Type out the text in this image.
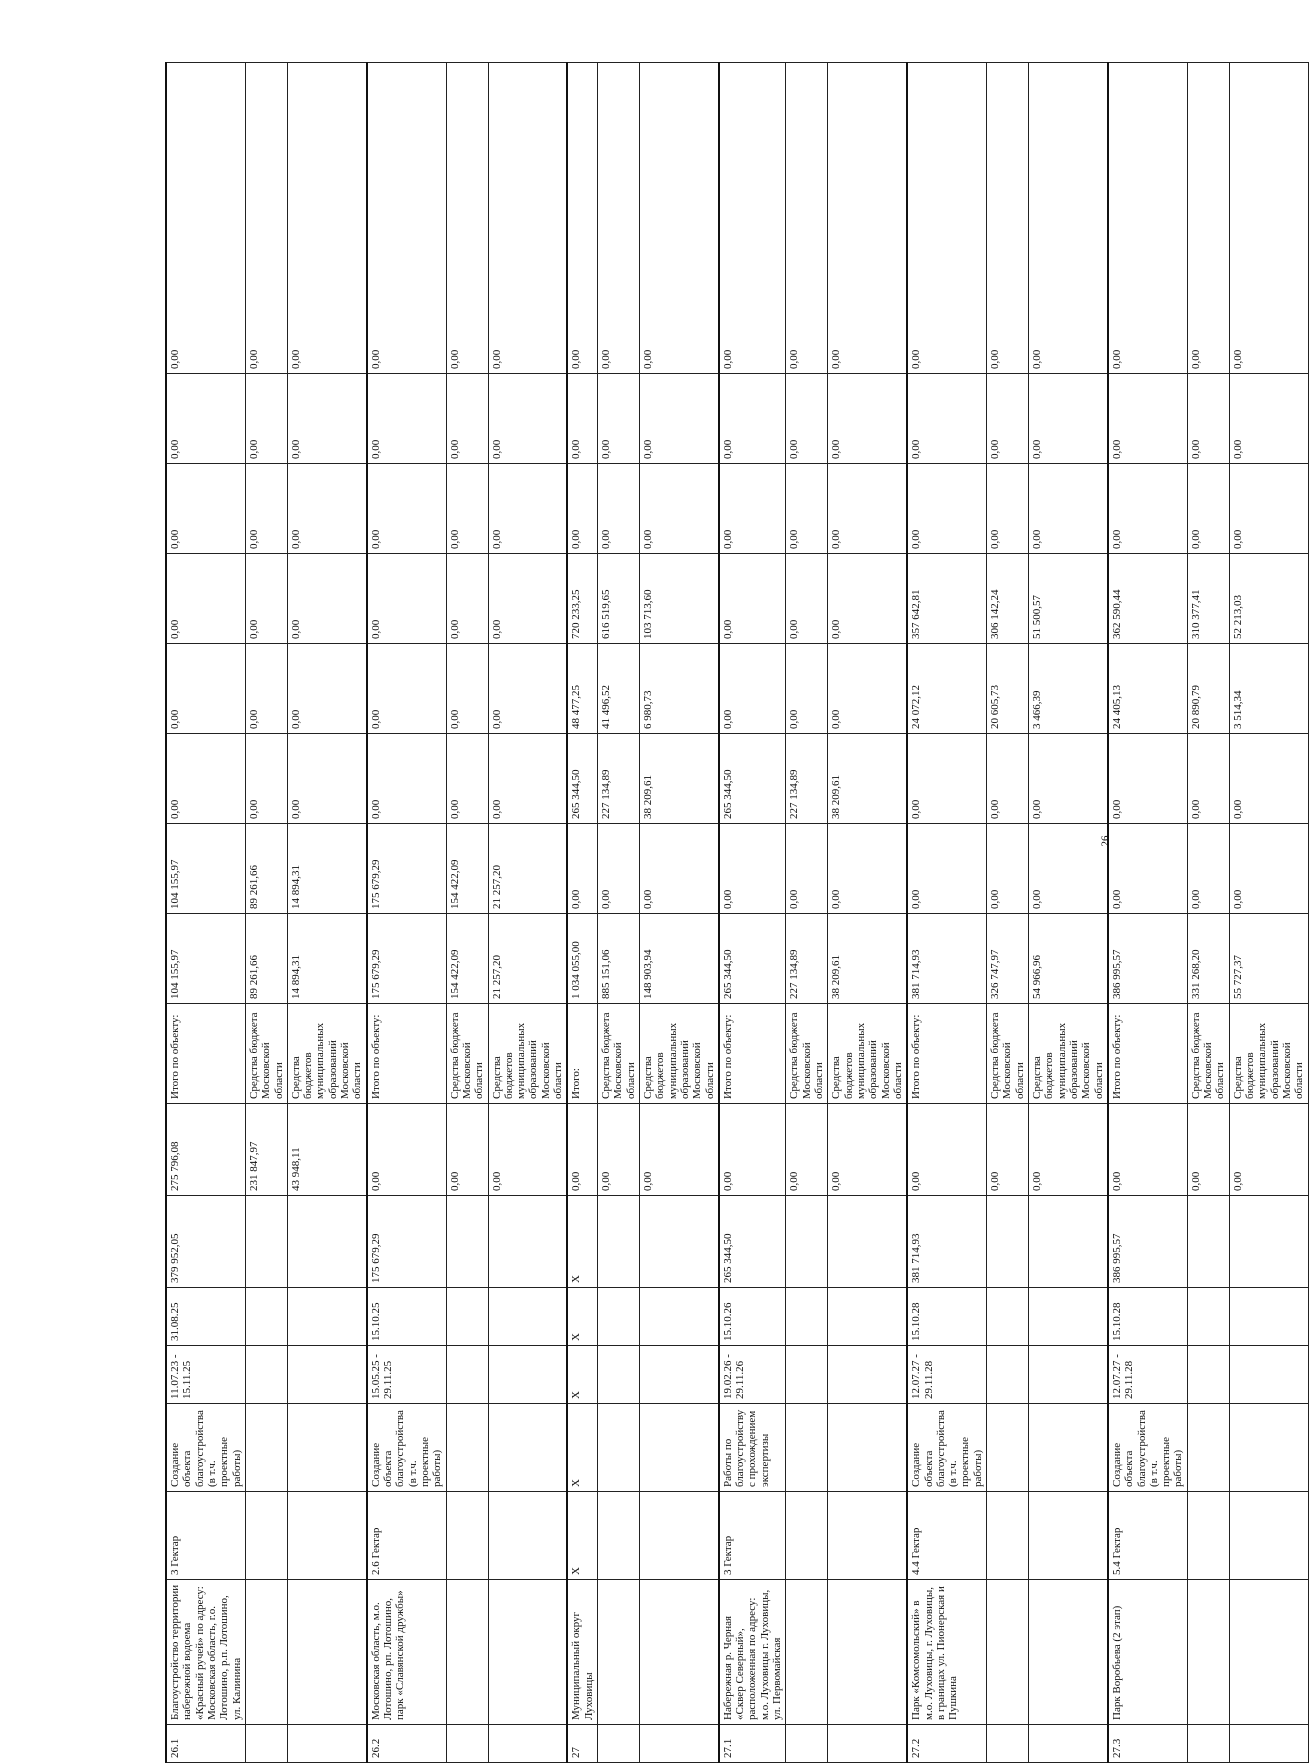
26.1	Благоустройство территории набережной водоема «Красный ручей» по адресу: Московская область, г.о. Лотошино, р.п. Лотошино, ул. Калинина	3 Гектар	Создание объекта благоустройства (в т.ч. проектные работы)	11.07.23 - 15.11.25	31.08.25	379 952,05	275 796,08	Итого по объекту:	104 155,97	104 155,97	0,00	0,00	0,00	0,00	0,00	0,00
							231 847,97	Средства бюджета Московской области	89 261,66	89 261,66	0,00	0,00	0,00	0,00	0,00	0,00
							43 948,11	Средства бюджетов муниципальных образований Московской области	14 894,31	14 894,31	0,00	0,00	0,00	0,00	0,00	0,00
26.2	Московская область, м.о. Лотошино, рп. Лотошино, парк «Славянской дружбы»	2.6 Гектар	Создание объекта благоустройства (в т.ч. проектные работы)	15.05.25 - 29.11.25	15.10.25	175 679,29	0,00	Итого по объекту:	175 679,29	175 679,29	0,00	0,00	0,00	0,00	0,00	0,00
							0,00	Средства бюджета Московской области	154 422,09	154 422,09	0,00	0,00	0,00	0,00	0,00	0,00
							0,00	Средства бюджетов муниципальных образований Московской области	21 257,20	21 257,20	0,00	0,00	0,00	0,00	0,00	0,00
27	Муниципальный округ Луховицы	X	X	X	X	X	0,00	Итого:	1 034 055,00	0,00	265 344,50	48 477,25	720 233,25	0,00	0,00	0,00
							0,00	Средства бюджета Московской области	885 151,06	0,00	227 134,89	41 496,52	616 519,65	0,00	0,00	0,00
							0,00	Средства бюджетов муниципальных образований Московской области	148 903,94	0,00	38 209,61	6 980,73	103 713,60	0,00	0,00	0,00
27.1	Набережная р. Черная «Сквер Северный», расположенная по адресу: м.о. Луховицы г. Луховицы, ул. Первомайская	3 Гектар	Работы по благоустройству с прохождением экспертизы	19.02.26 - 29.11.26	15.10.26	265 344,50	0,00	Итого по объекту:	265 344,50	0,00	265 344,50	0,00	0,00	0,00	0,00	0,00
							0,00	Средства бюджета Московской области	227 134,89	0,00	227 134,89	0,00	0,00	0,00	0,00	0,00
							0,00	Средства бюджетов муниципальных образований Московской области	38 209,61	0,00	38 209,61	0,00	0,00	0,00	0,00	0,00
27.2	Парк «Комсомольский» в м.о. Луховицы, г. Луховицы, в границах ул. Пионерская и Пушкина	4.4 Гектар	Создание объекта благоустройства (в т.ч. проектные работы)	12.07.27 - 29.11.28	15.10.28	381 714,93	0,00	Итого по объекту:	381 714,93	0,00	0,00	24 072,12	357 642,81	0,00	0,00	0,00
							0,00	Средства бюджета Московской области	326 747,97	0,00	0,00	20 605,73	306 142,24	0,00	0,00	0,00
							0,00	Средства бюджетов муниципальных образований Московской области	54 966,96	0,00	0,00	3 466,39	51 500,57	0,00	0,00	0,00
27.3	Парк Воробьева (2 этап)	5.4 Гектар	Создание объекта благоустройства (в т.ч. проектные работы)	12.07.27 - 29.11.28	15.10.28	386 995,57	0,00	Итого по объекту:	386 995,57	0,00	0,00	24 405,13	362 590,44	0,00	0,00	0,00
							0,00	Средства бюджета Московской области	331 268,20	0,00	0,00	20 890,79	310 377,41	0,00	0,00	0,00
							0,00	Средства бюджетов муниципальных образований Московской области	55 727,37	0,00	0,00	3 514,34	52 213,03	0,00	0,00	0,00
26
